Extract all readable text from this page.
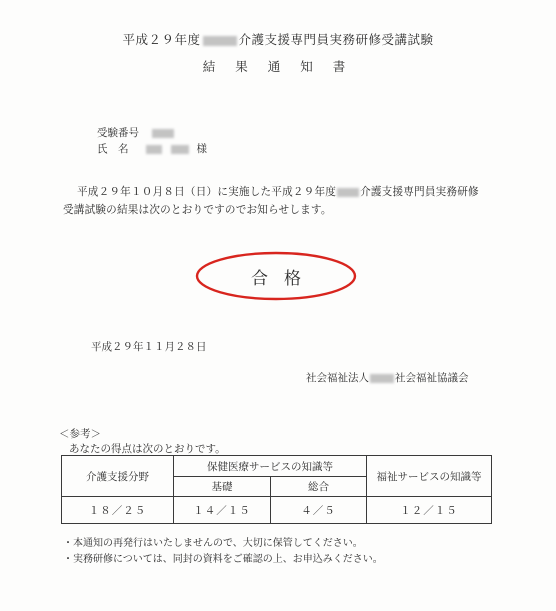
平成２９年度	介護支援専門員実務研修受講試験
結 果 通 知 書
受験番号
氏　名	様
平成２９年１０月８日（日）に実施した平成２９年度 介護支援専門員実務研修
受講試験の結果は次のとおりですのでお知らせします。
合格
平成２９年１１月２８日
社会福祉法人 社会福祉協議会
＜参考＞
あなたの得点は次のとおりです。
介護支援分野	保健医療サービスの知識等		福祉サービスの知識等
	基礎	総合	
１８／２５	１４／１５	４／５	１２／１５
・本通知の再発行はいたしませんので、大切に保管してください。
・実務研修については、同封の資料をご確認の上、お申込みください。
